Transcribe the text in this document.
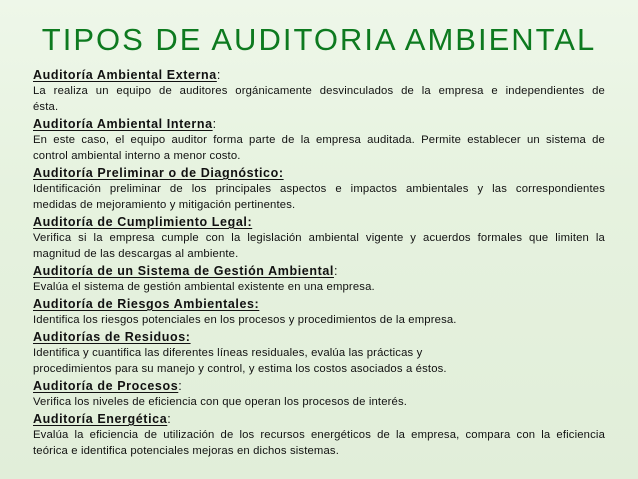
TIPOS DE AUDITORIA AMBIENTAL
Auditoría Ambiental Externa:
La realiza un equipo de auditores orgánicamente desvinculados de la empresa e independientes de
ésta.
Auditoría Ambiental Interna:
En este caso, el equipo auditor forma parte de la empresa auditada. Permite establecer un sistema de
control ambiental interno a menor costo.
Auditoría Preliminar o de Diagnóstico:
Identificación preliminar de los principales aspectos e impactos ambientales y las correspondientes
medidas de mejoramiento y mitigación pertinentes.
Auditoría de Cumplimiento Legal:
Verifica si la empresa cumple con la legislación ambiental vigente y acuerdos formales que limiten la
magnitud de las descargas al ambiente.
Auditoría de un Sistema de Gestión Ambiental:
Evalúa el sistema de gestión ambiental existente en una empresa.
Auditoría de Riesgos Ambientales:
Identifica los riesgos potenciales en los procesos y procedimientos de la empresa.
Auditorías de Residuos:
Identifica y cuantifica las diferentes líneas residuales, evalúa las prácticas y
procedimientos para su manejo y control, y estima los costos asociados a éstos.
Auditoría de Procesos:
Verifica los niveles de eficiencia con que operan los procesos de interés.
Auditoría Energética:
Evalúa la eficiencia de utilización de los recursos energéticos de la empresa, compara con la eficiencia
teórica e identifica potenciales mejoras en dichos sistemas.
